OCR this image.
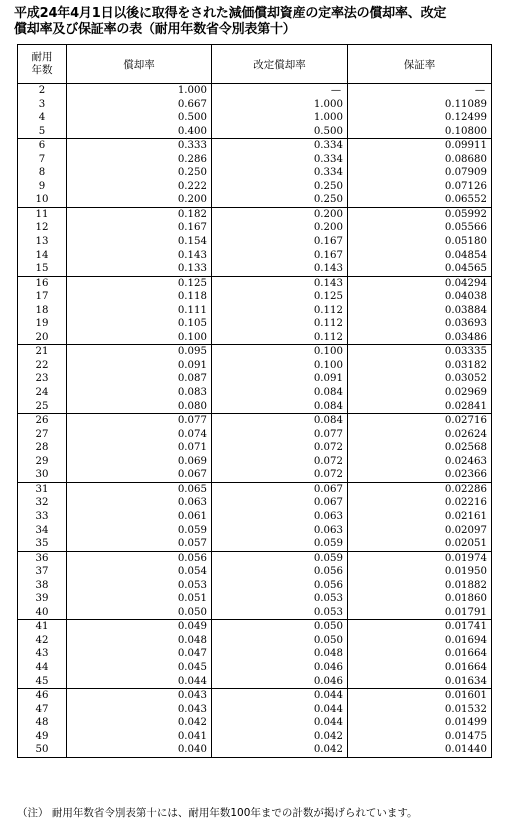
平成24年4月1日以後に取得をされた減価償却資産の定率法の償却率、改定
償却率及び保証率の表（耐用年数省令別表第十）
耐用
年数	償却率	改定償却率	保証率
2	1.000	—	—
3	0.667	1.000	0.11089
4	0.500	1.000	0.12499
5	0.400	0.500	0.10800
6	0.333	0.334	0.09911
7	0.286	0.334	0.08680
8	0.250	0.334	0.07909
9	0.222	0.250	0.07126
10	0.200	0.250	0.06552
11	0.182	0.200	0.05992
12	0.167	0.200	0.05566
13	0.154	0.167	0.05180
14	0.143	0.167	0.04854
15	0.133	0.143	0.04565
16	0.125	0.143	0.04294
17	0.118	0.125	0.04038
18	0.111	0.112	0.03884
19	0.105	0.112	0.03693
20	0.100	0.112	0.03486
21	0.095	0.100	0.03335
22	0.091	0.100	0.03182
23	0.087	0.091	0.03052
24	0.083	0.084	0.02969
25	0.080	0.084	0.02841
26	0.077	0.084	0.02716
27	0.074	0.077	0.02624
28	0.071	0.072	0.02568
29	0.069	0.072	0.02463
30	0.067	0.072	0.02366
31	0.065	0.067	0.02286
32	0.063	0.067	0.02216
33	0.061	0.063	0.02161
34	0.059	0.063	0.02097
35	0.057	0.059	0.02051
36	0.056	0.059	0.01974
37	0.054	0.056	0.01950
38	0.053	0.056	0.01882
39	0.051	0.053	0.01860
40	0.050	0.053	0.01791
41	0.049	0.050	0.01741
42	0.048	0.050	0.01694
43	0.047	0.048	0.01664
44	0.045	0.046	0.01664
45	0.044	0.046	0.01634
46	0.043	0.044	0.01601
47	0.043	0.044	0.01532
48	0.042	0.044	0.01499
49	0.041	0.042	0.01475
50	0.040	0.042	0.01440
（注） 耐用年数省令別表第十には、耐用年数100年までの計数が掲げられています。
